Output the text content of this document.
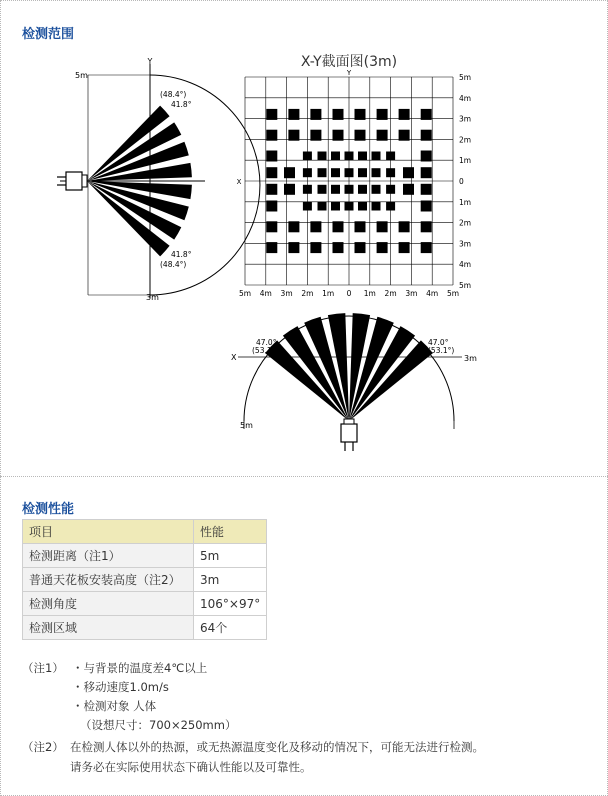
检测范围
Y
5m
3m
(48.4°)
41.8°
41.8°
(48.4°)
X-Y截面图(3m)
5m 4m 3m 2m 1m 0 1m 2m 3m 4m 5m
5m
4m
3m
2m
1m
0
1m
2m
3m
4m
5m
Y
X
X
47.0°
(53.1°)
47.0°
(53.1°)
3m
5m
检测性能
项目	性能
检测距离（注1）	5m
普通天花板安装高度（注2）	3m
检测角度	106°×97°
检测区域	64个
（注1） ・与背景的温度差4℃以上
・移动速度1.0m/s
・检测对象 人体
（设想尺寸：700×250mm）
（注2） 在检测人体以外的热源，或无热源温度变化及移动的情况下，可能无法进行检测。
请务必在实际使用状态下确认性能以及可靠性。
